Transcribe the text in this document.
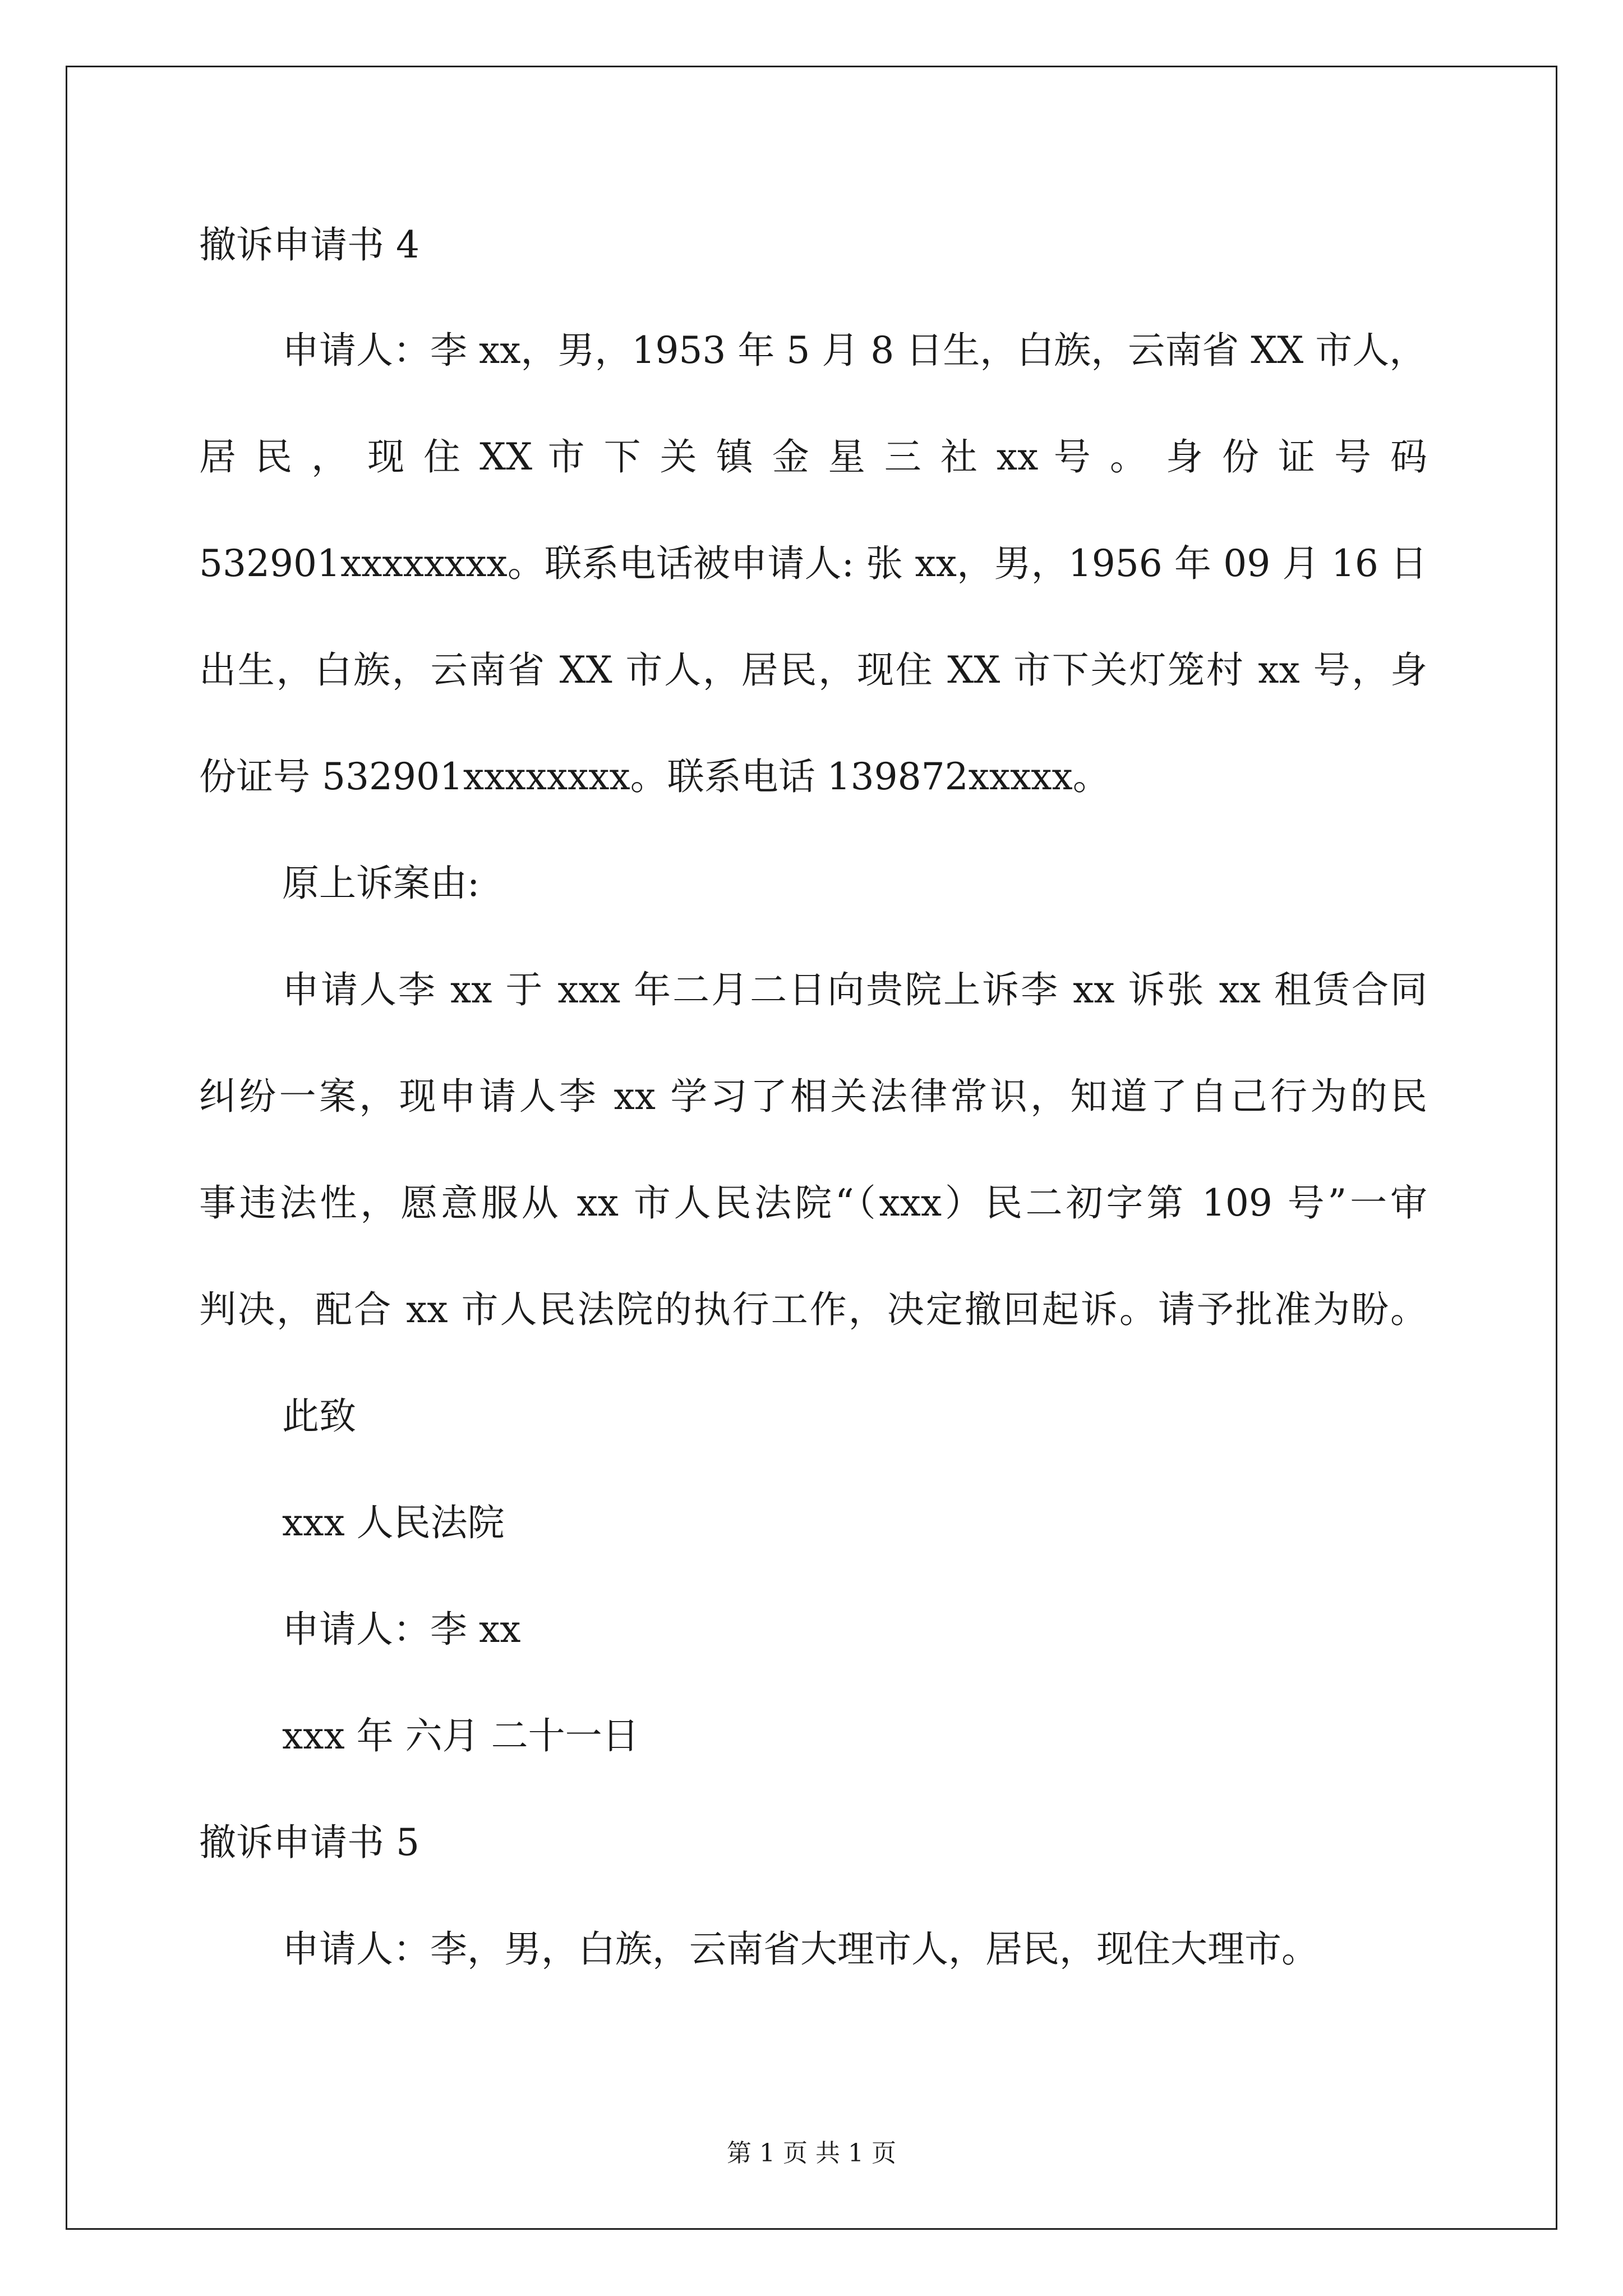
撤诉申请书 4
申请人：李 xx，男，1953 年 5 月 8 日生，白族，云南省 XX 市人，
居 民 ， 现 住 XX 市 下 关 镇 金 星 三 社 xx 号 。 身 份 证 号 码
532901xxxxxxxx。联系电话被申请人: 张 xx，男，1956 年 09 月 16 日
出生，白族，云南省 XX 市人，居民，现住 XX 市下关灯笼村 xx 号，身
份证号 532901xxxxxxxx。联系电话 139872xxxxx。
原上诉案由:
申请人李 xx 于 xxx 年二月二日向贵院上诉李 xx 诉张 xx 租赁合同
纠纷一案，现申请人李 xx 学习了相关法律常识，知道了自己行为的民
事违法性，愿意服从 xx 市人民法院“（xxx）民二初字第 109 号”一审
判决，配合 xx 市人民法院的执行工作，决定撤回起诉。请予批准为盼。
此致
xxx 人民法院
申请人：李 xx
xxx 年 六月 二十一日
撤诉申请书 5
申请人：李，男，白族，云南省大理市人，居民，现住大理市。
第 1 页 共 1 页
